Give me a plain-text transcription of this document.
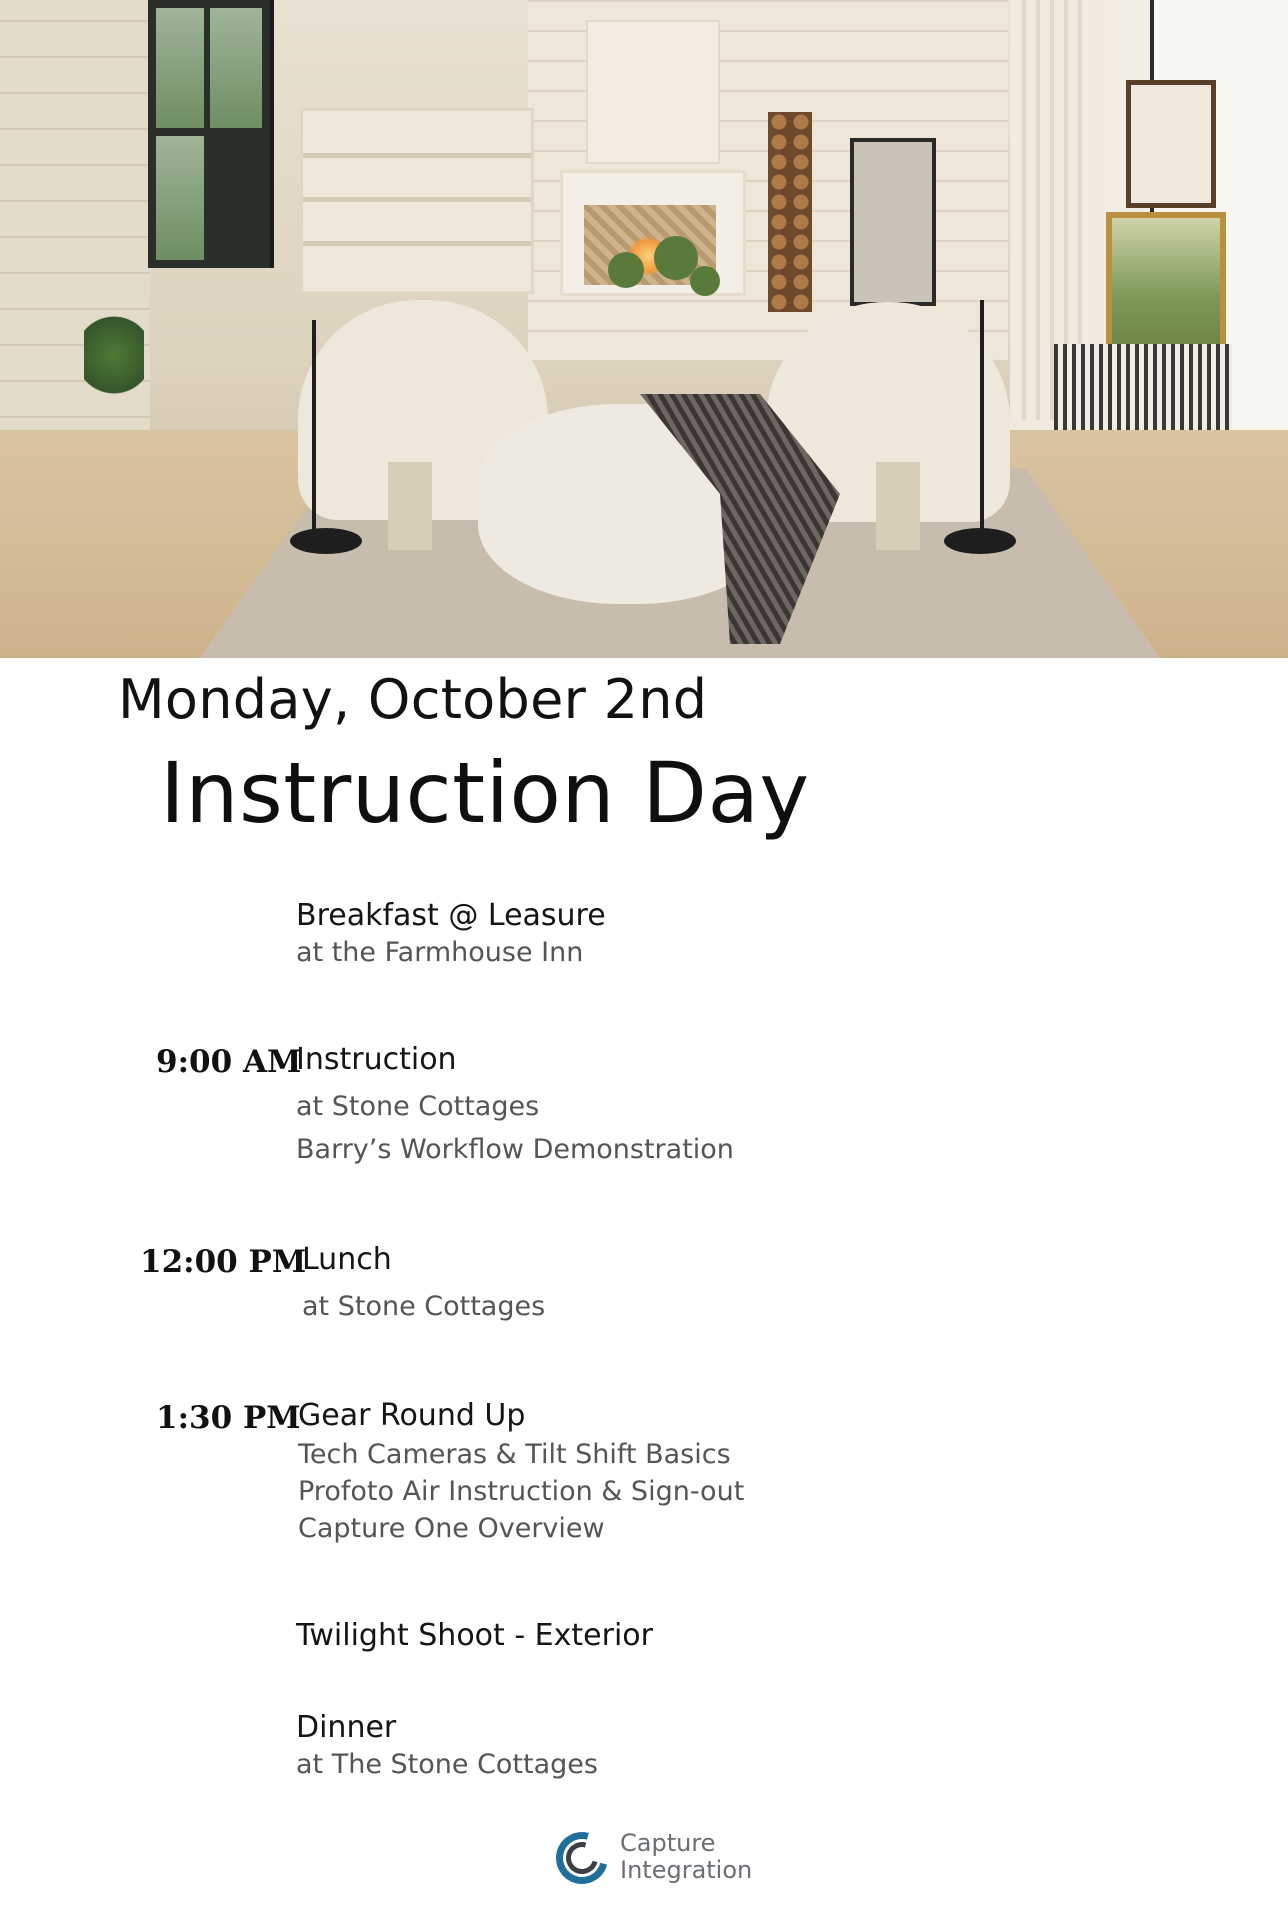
Monday, October 2nd
Instruction Day
Breakfast @ Leasure
at the Farmhouse Inn
9:00 AM
Instruction
at Stone Cottages
Barry’s Workflow Demonstration
12:00 PM
Lunch
at Stone Cottages
1:30 PM
Gear Round Up
Tech Cameras & Tilt Shift Basics
Profoto Air Instruction & Sign-out
Capture One Overview
Twilight Shoot - Exterior
Dinner
at The Stone Cottages
Capture
Integration
